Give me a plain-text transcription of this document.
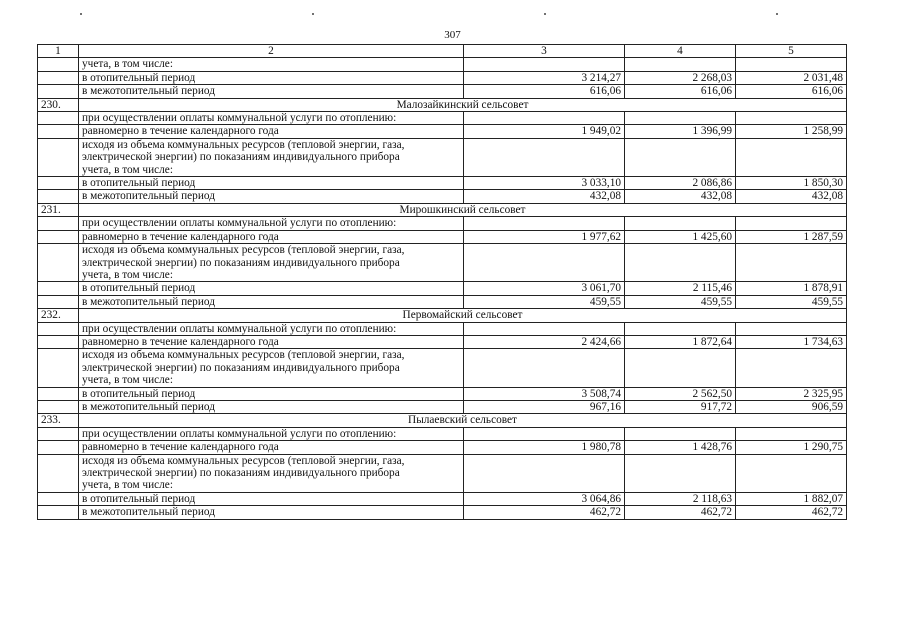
307
1	2	3	4	5
	учета, в том числе:			
	в отопительный период	3 214,27	2 268,03	2 031,48
	в межотопительный период	616,06	616,06	616,06
230.	Малозайкинский сельсовет			
	при осуществлении оплаты коммунальной услуги по отоплению:			
	равномерно в течение календарного года	1 949,02	1 396,99	1 258,99

	исходя из объема коммунальных ресурсов (тепловой энергии, газа,
электрической энергии) по показаниям индивидуального прибора
учета, в том числе:			

	в отопительный период	3 033,10	2 086,86	1 850,30
	в межотопительный период	432,08	432,08	432,08
231.	Мирошкинский сельсовет			
	при осуществлении оплаты коммунальной услуги по отоплению:			
	равномерно в течение календарного года	1 977,62	1 425,60	1 287,59

	исходя из объема коммунальных ресурсов (тепловой энергии, газа,
электрической энергии) по показаниям индивидуального прибора
учета, в том числе:			

	в отопительный период	3 061,70	2 115,46	1 878,91
	в межотопительный период	459,55	459,55	459,55
232.	Первомайский сельсовет			
	при осуществлении оплаты коммунальной услуги по отоплению:			
	равномерно в течение календарного года	2 424,66	1 872,64	1 734,63

	исходя из объема коммунальных ресурсов (тепловой энергии, газа,
электрической энергии) по показаниям индивидуального прибора
учета, в том числе:			

	в отопительный период	3 508,74	2 562,50	2 325,95
	в межотопительный период	967,16	917,72	906,59
233.	Пылаевский сельсовет			
	при осуществлении оплаты коммунальной услуги по отоплению:			
	равномерно в течение календарного года	1 980,78	1 428,76	1 290,75

	исходя из объема коммунальных ресурсов (тепловой энергии, газа,
электрической энергии) по показаниям индивидуального прибора
учета, в том числе:			

	в отопительный период	3 064,86	2 118,63	1 882,07
	в межотопительный период	462,72	462,72	462,72
